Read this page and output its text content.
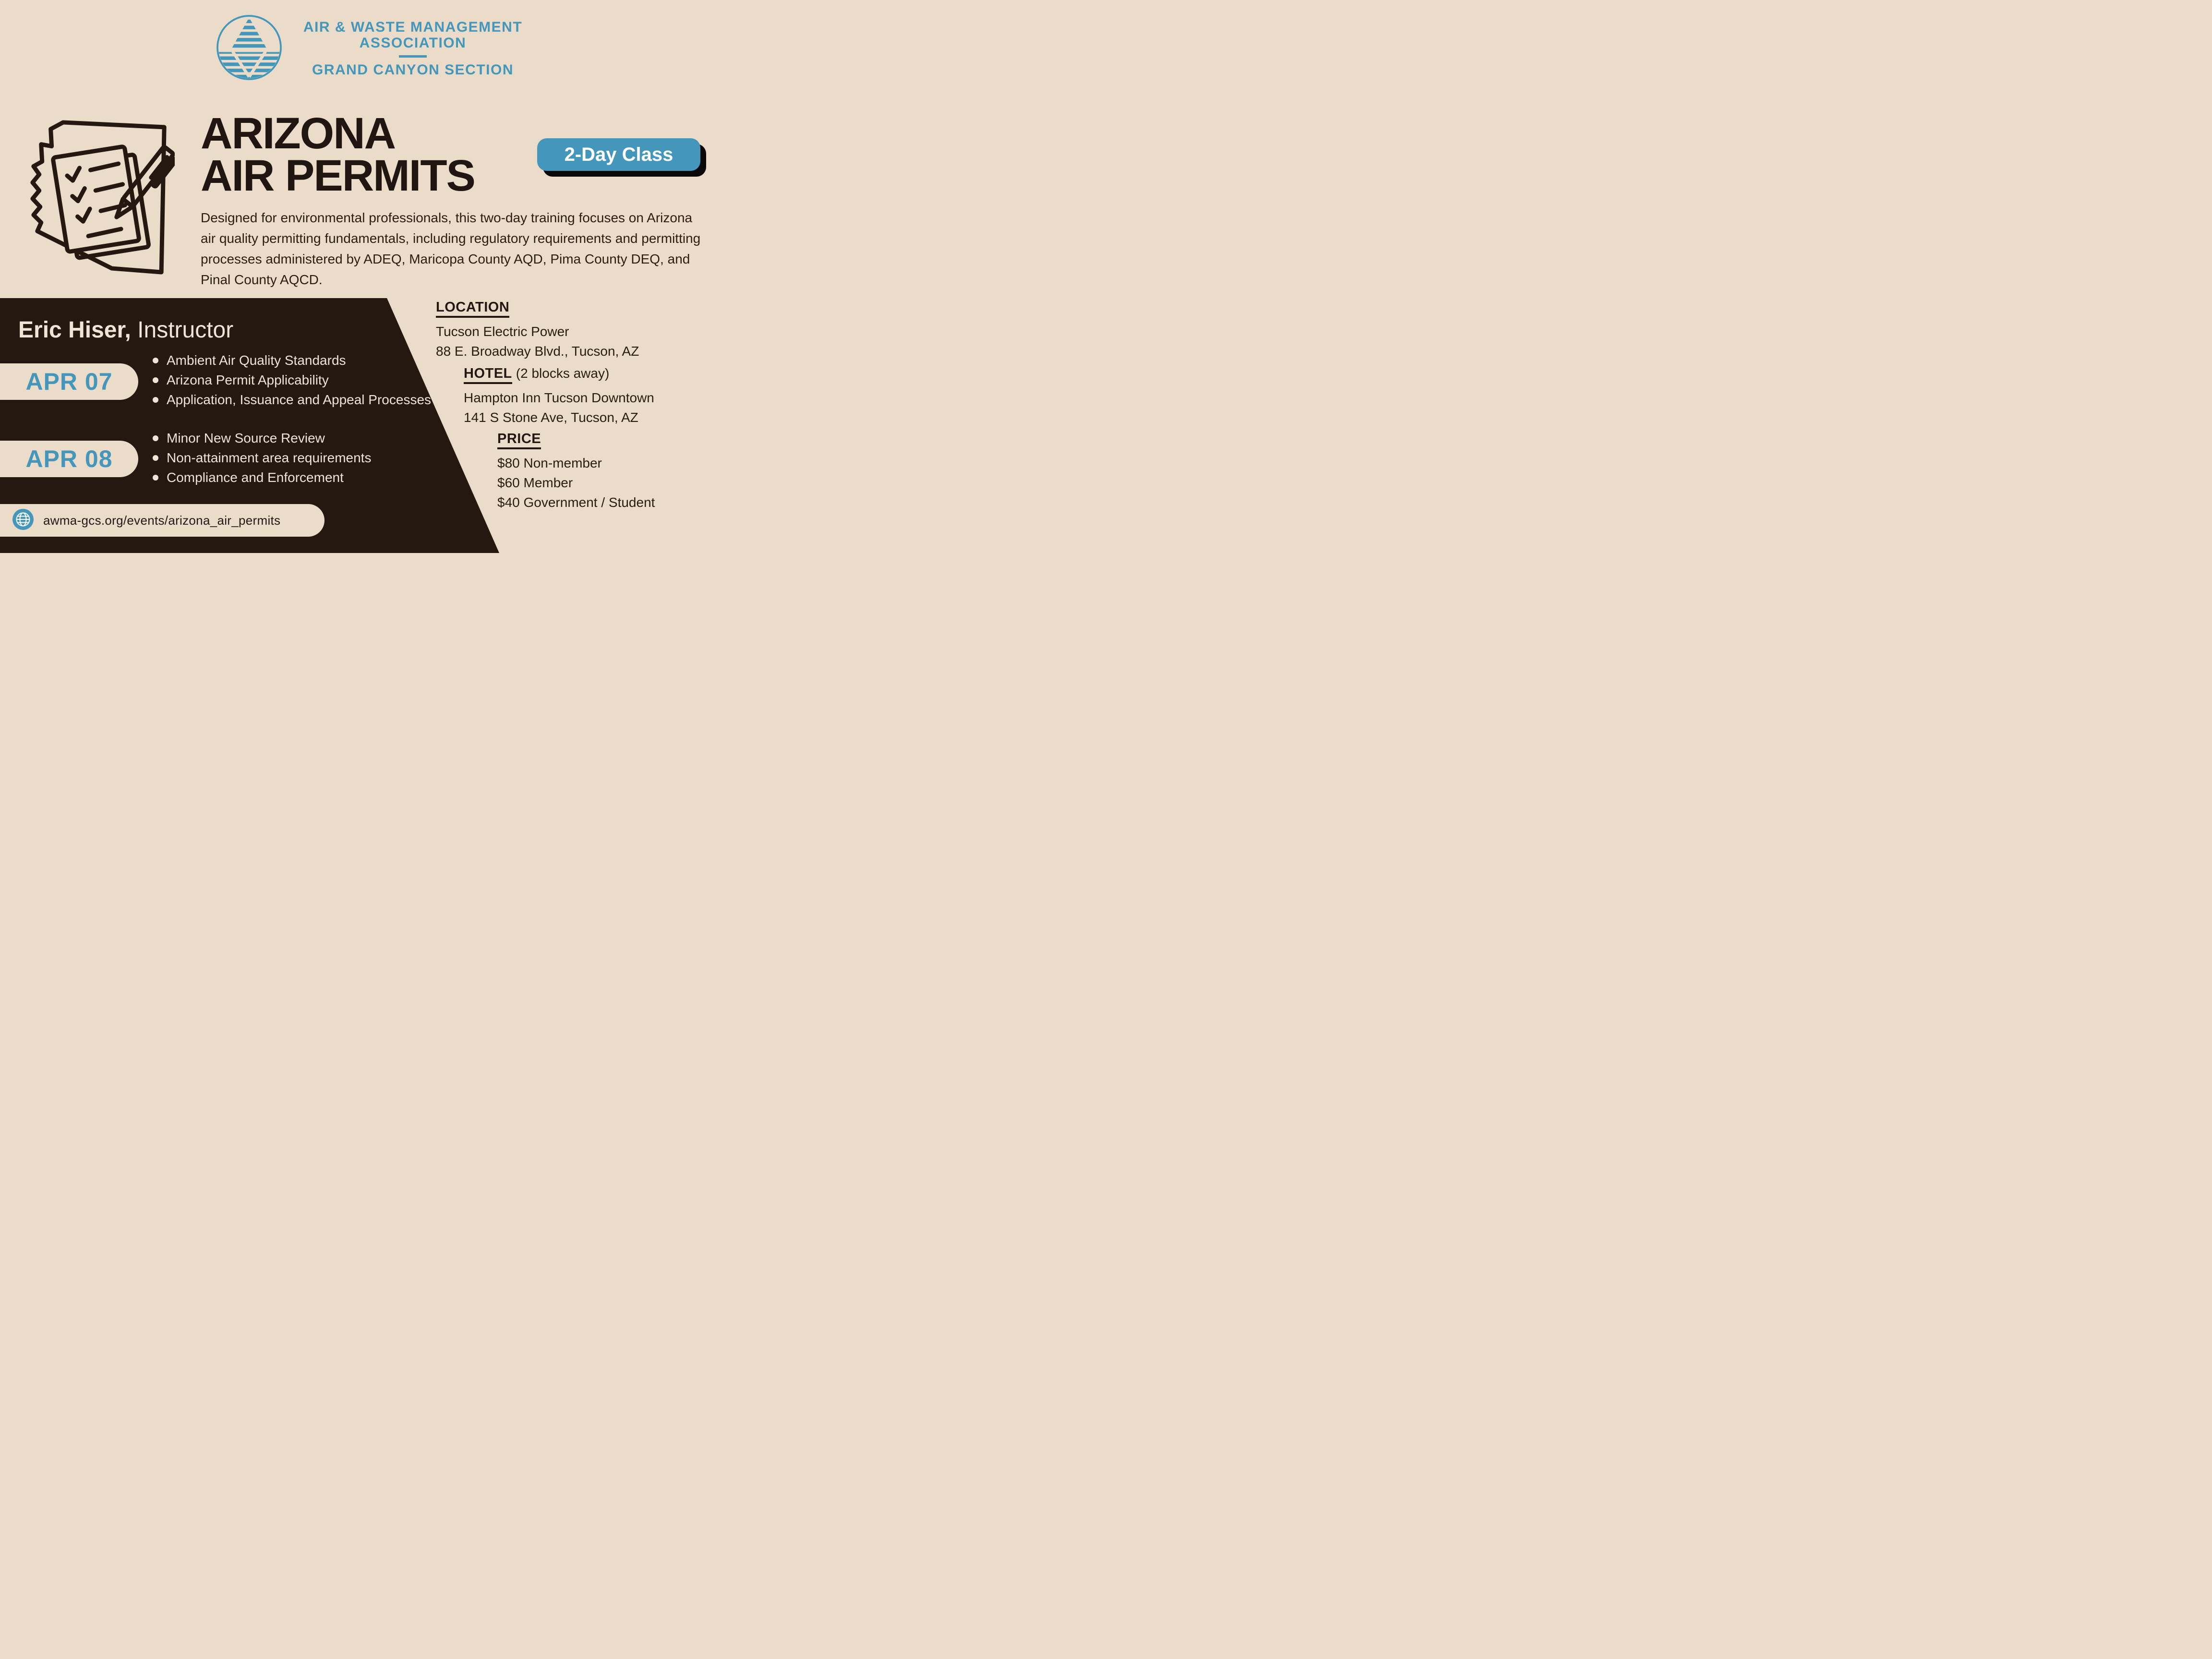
AIR & WASTE MANAGEMENT
ASSOCIATION
GRAND CANYON SECTION
ARIZONA
AIR PERMITS	2-Day Class
Designed for environmental professionals, this two-day training focuses on Arizona air quality permitting fundamentals, including regulatory requirements and permitting processes administered by ADEQ, Maricopa County AQD, Pima County DEQ, and Pinal County AQCD.
Eric Hiser, Instructor
APR 07
Ambient Air Quality Standards
Arizona Permit Applicability
Application, Issuance and Appeal Processes
APR 08
Minor New Source Review
Non-attainment area requirements
Compliance and Enforcement
LOCATION
Tucson Electric Power
88 E. Broadway Blvd., Tucson, AZ
HOTEL (2 blocks away)
Hampton Inn Tucson Downtown
141 S Stone Ave, Tucson, AZ
PRICE
$80 Non-member
$60 Member
$40 Government / Student
awma-gcs.org/events/arizona_air_permits
